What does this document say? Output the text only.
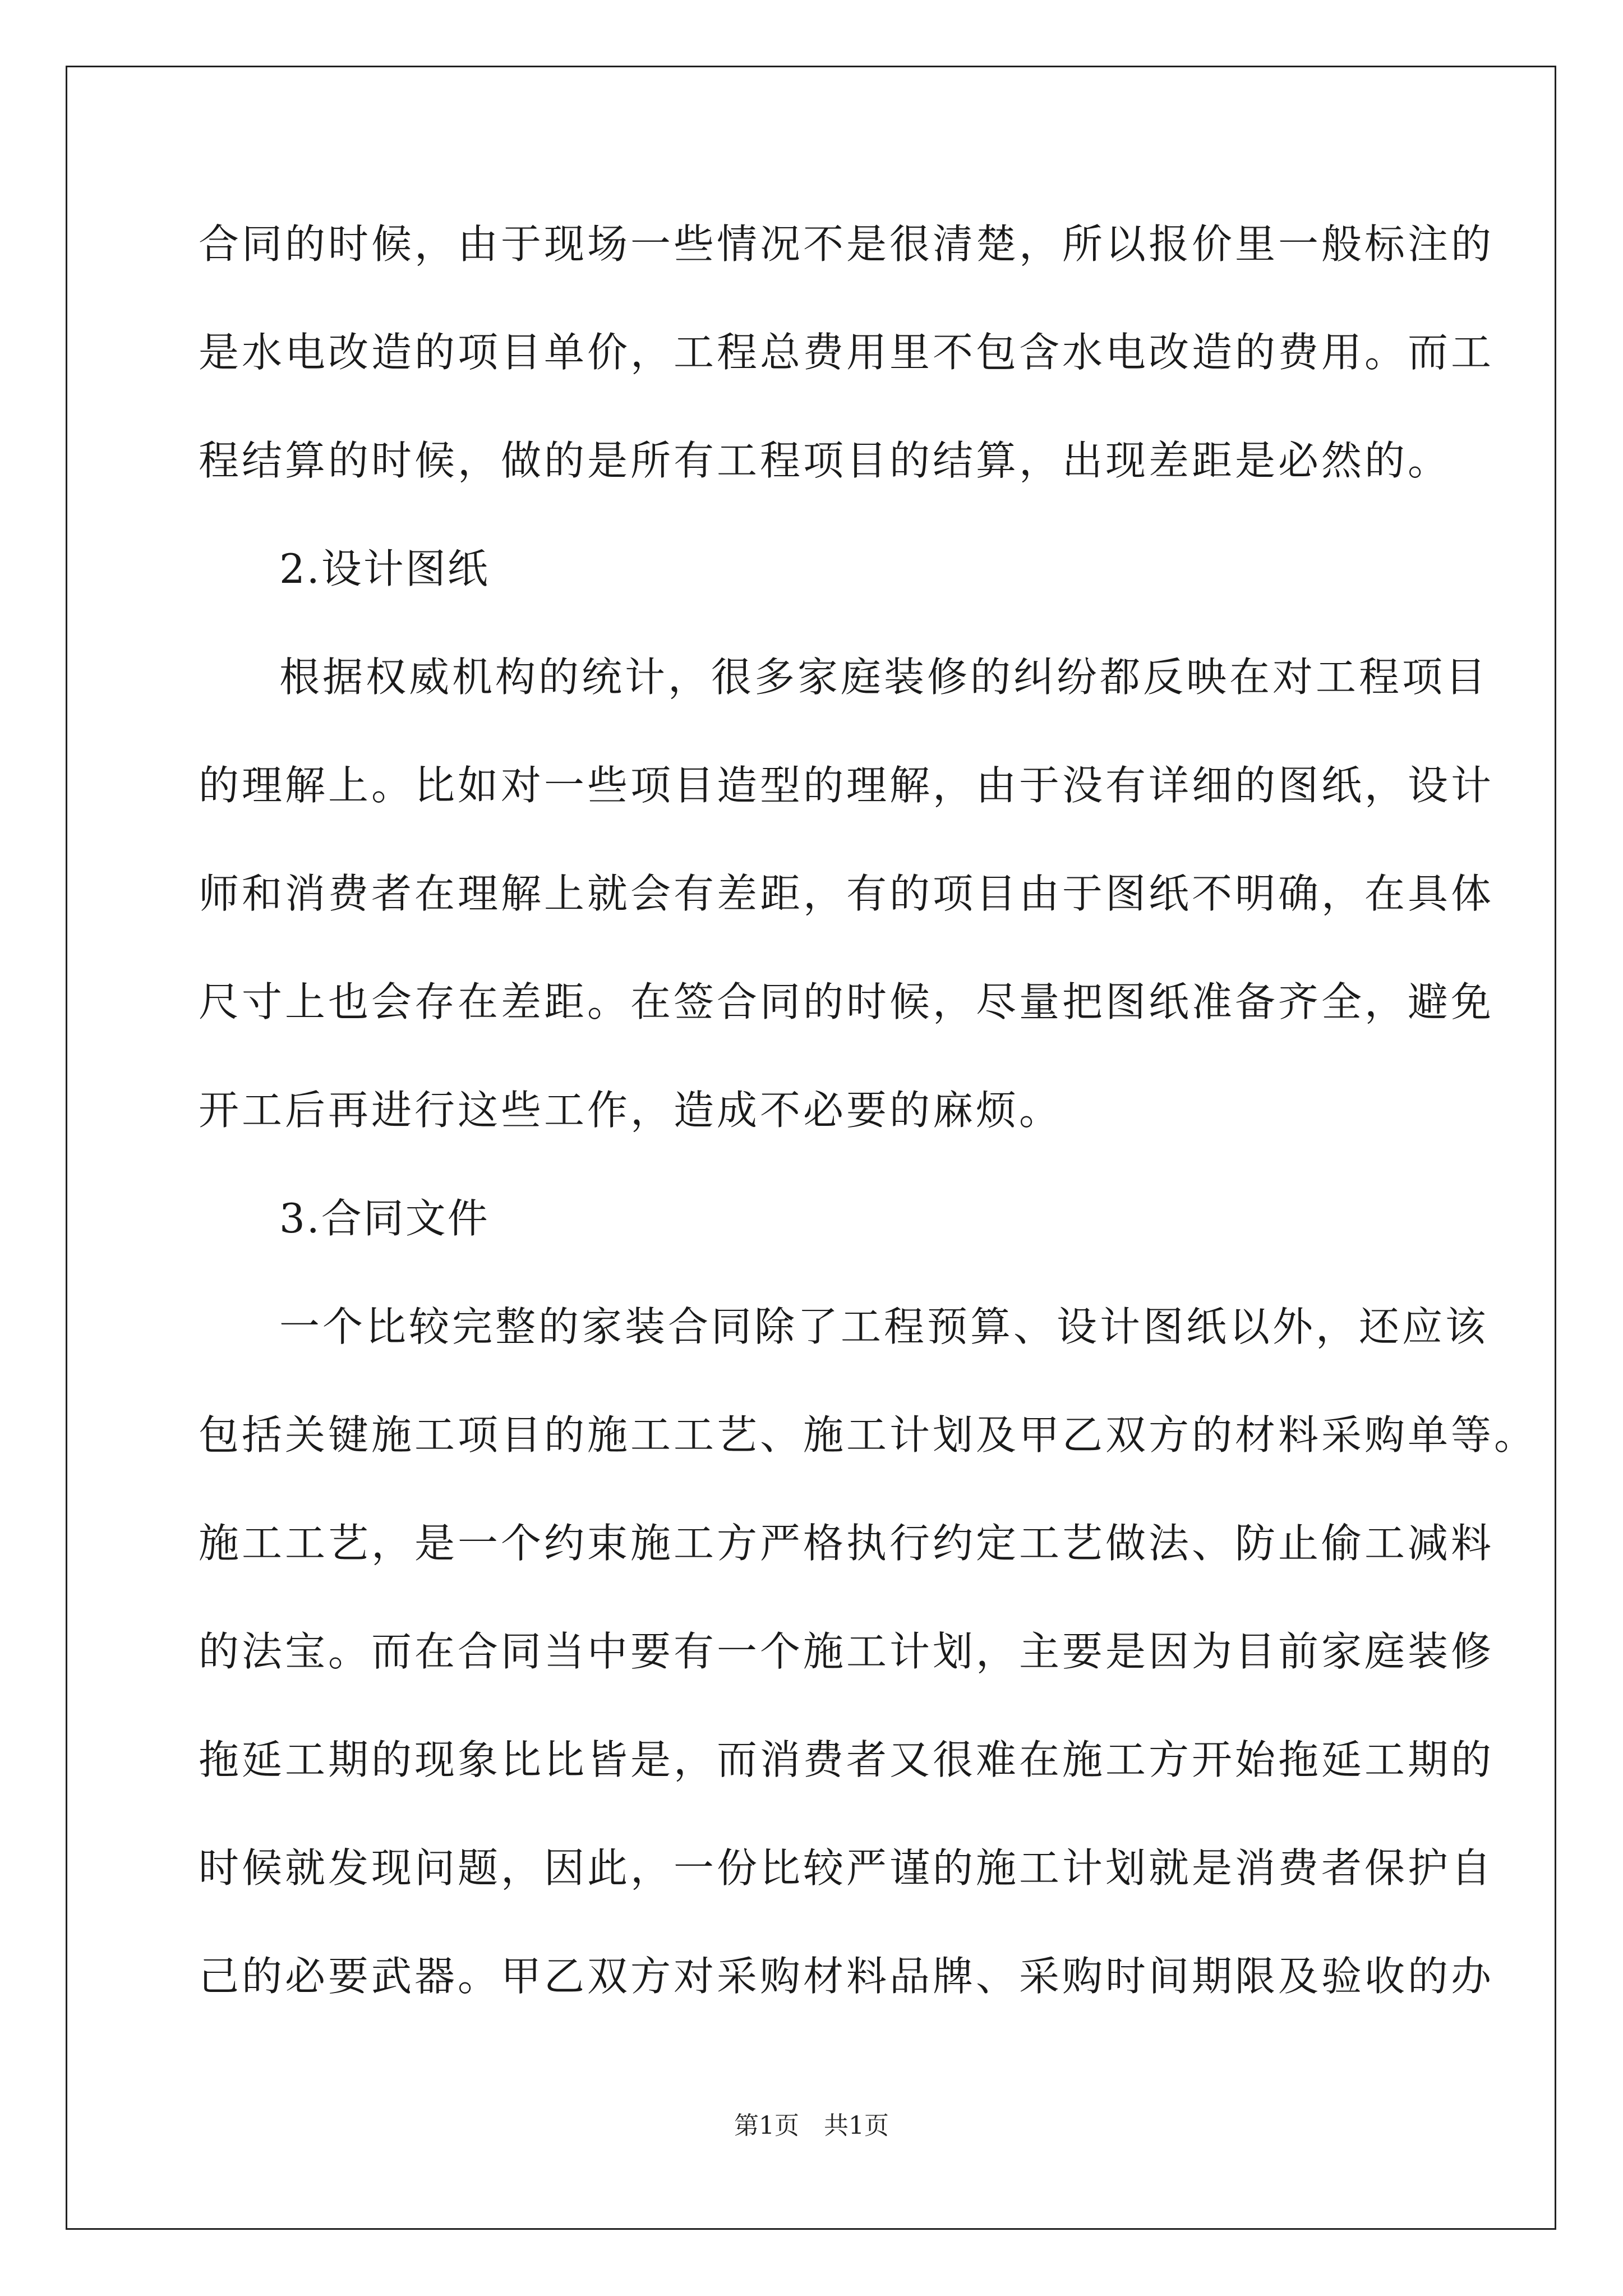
合同的时候，由于现场一些情况不是很清楚，所以报价里一般标注的
是水电改造的项目单价，工程总费用里不包含水电改造的费用。而工
程结算的时候，做的是所有工程项目的结算，出现差距是必然的。
2.设计图纸
根据权威机构的统计，很多家庭装修的纠纷都反映在对工程项目
的理解上。比如对一些项目造型的理解，由于没有详细的图纸，设计
师和消费者在理解上就会有差距，有的项目由于图纸不明确，在具体
尺寸上也会存在差距。在签合同的时候，尽量把图纸准备齐全，避免
开工后再进行这些工作，造成不必要的麻烦。
3.合同文件
一个比较完整的家装合同除了工程预算、设计图纸以外，还应该
包括关键施工项目的施工工艺、施工计划及甲乙双方的材料采购单等。
施工工艺，是一个约束施工方严格执行约定工艺做法、防止偷工减料
的法宝。而在合同当中要有一个施工计划，主要是因为目前家庭装修
拖延工期的现象比比皆是，而消费者又很难在施工方开始拖延工期的
时候就发现问题，因此，一份比较严谨的施工计划就是消费者保护自
己的必要武器。甲乙双方对采购材料品牌、采购时间期限及验收的办
第1页　共1页
